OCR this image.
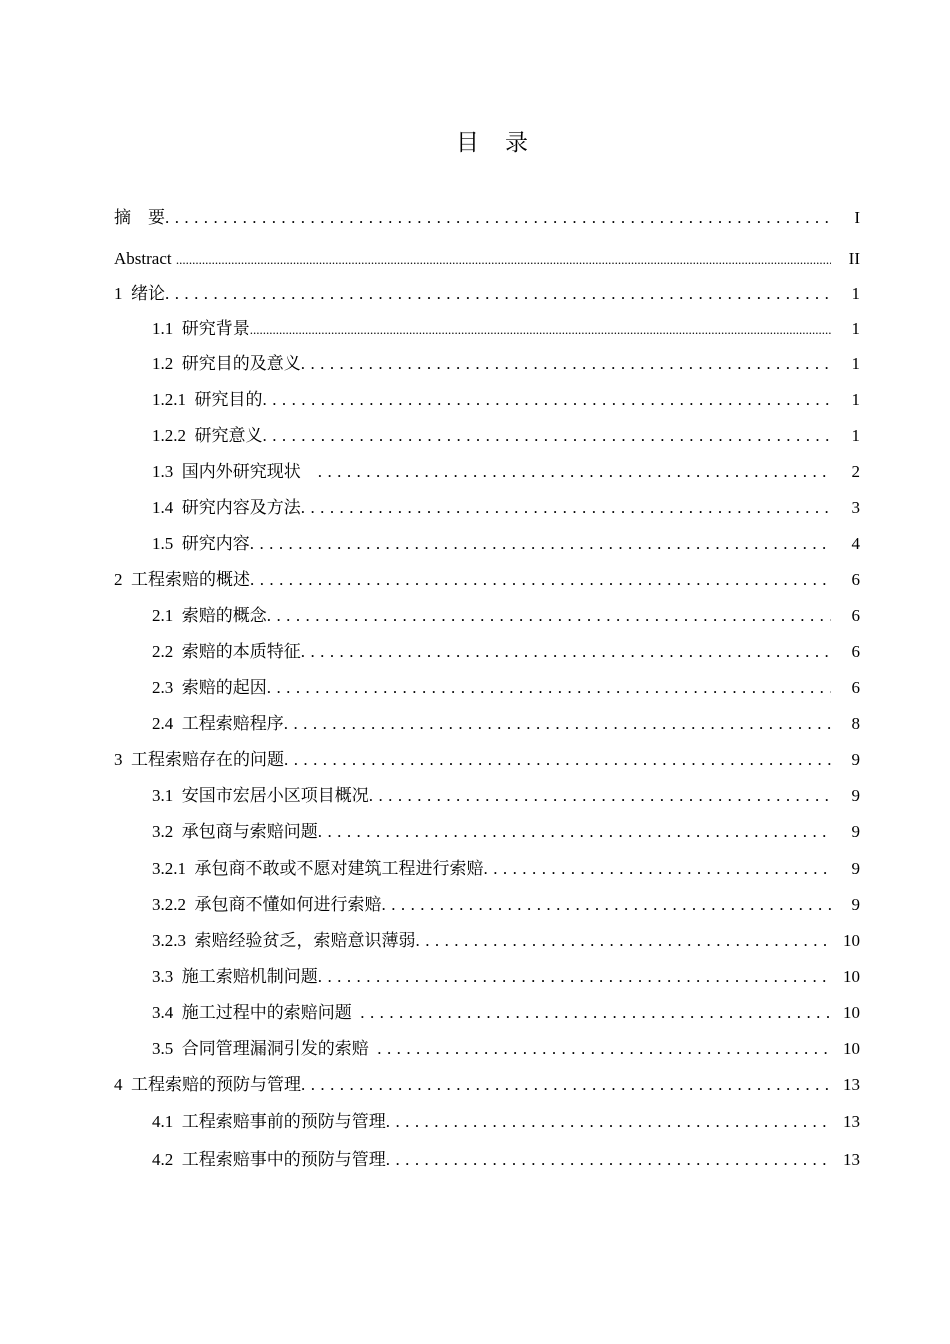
目录
摘    要 . . .	I
Abstract .....	II
1 绪论 . . .	1
1.1 研究背景 .....	1
1.2 研究目的及意义 . . .	1
1.2.1 研究目的 . . .	1
1.2.2 研究意义 . . .	1
1.3 国内外研究现状 . . .	2
1.4 研究内容及方法 . . .	3
1.5 研究内容 . . .	4
2 工程索赔的概述 . . .	6
2.1 索赔的概念 . . .	6
2.2 索赔的本质特征 . . .	6
2.3 索赔的起因 . . .	6
2.4 工程索赔程序 . . .	8
3 工程索赔存在的问题 . . .	9
3.1 安国市宏居小区项目概况 . . .	9
3.2 承包商与索赔问题 . . .	9
3.2.1 承包商不敢或不愿对建筑工程进行索赔 . . .	9
3.2.2 承包商不懂如何进行索赔 . . .	9
3.2.3 索赔经验贫乏，索赔意识薄弱 . . .	10
3.3 施工索赔机制问题 . . .	10
3.4 施工过程中的索赔问题 . . .	10
3.5 合同管理漏洞引发的索赔 . . .	10
4 工程索赔的预防与管理 . . .	13
4.1 工程索赔事前的预防与管理 . . .	13
4.2 工程索赔事中的预防与管理 . . .	13
